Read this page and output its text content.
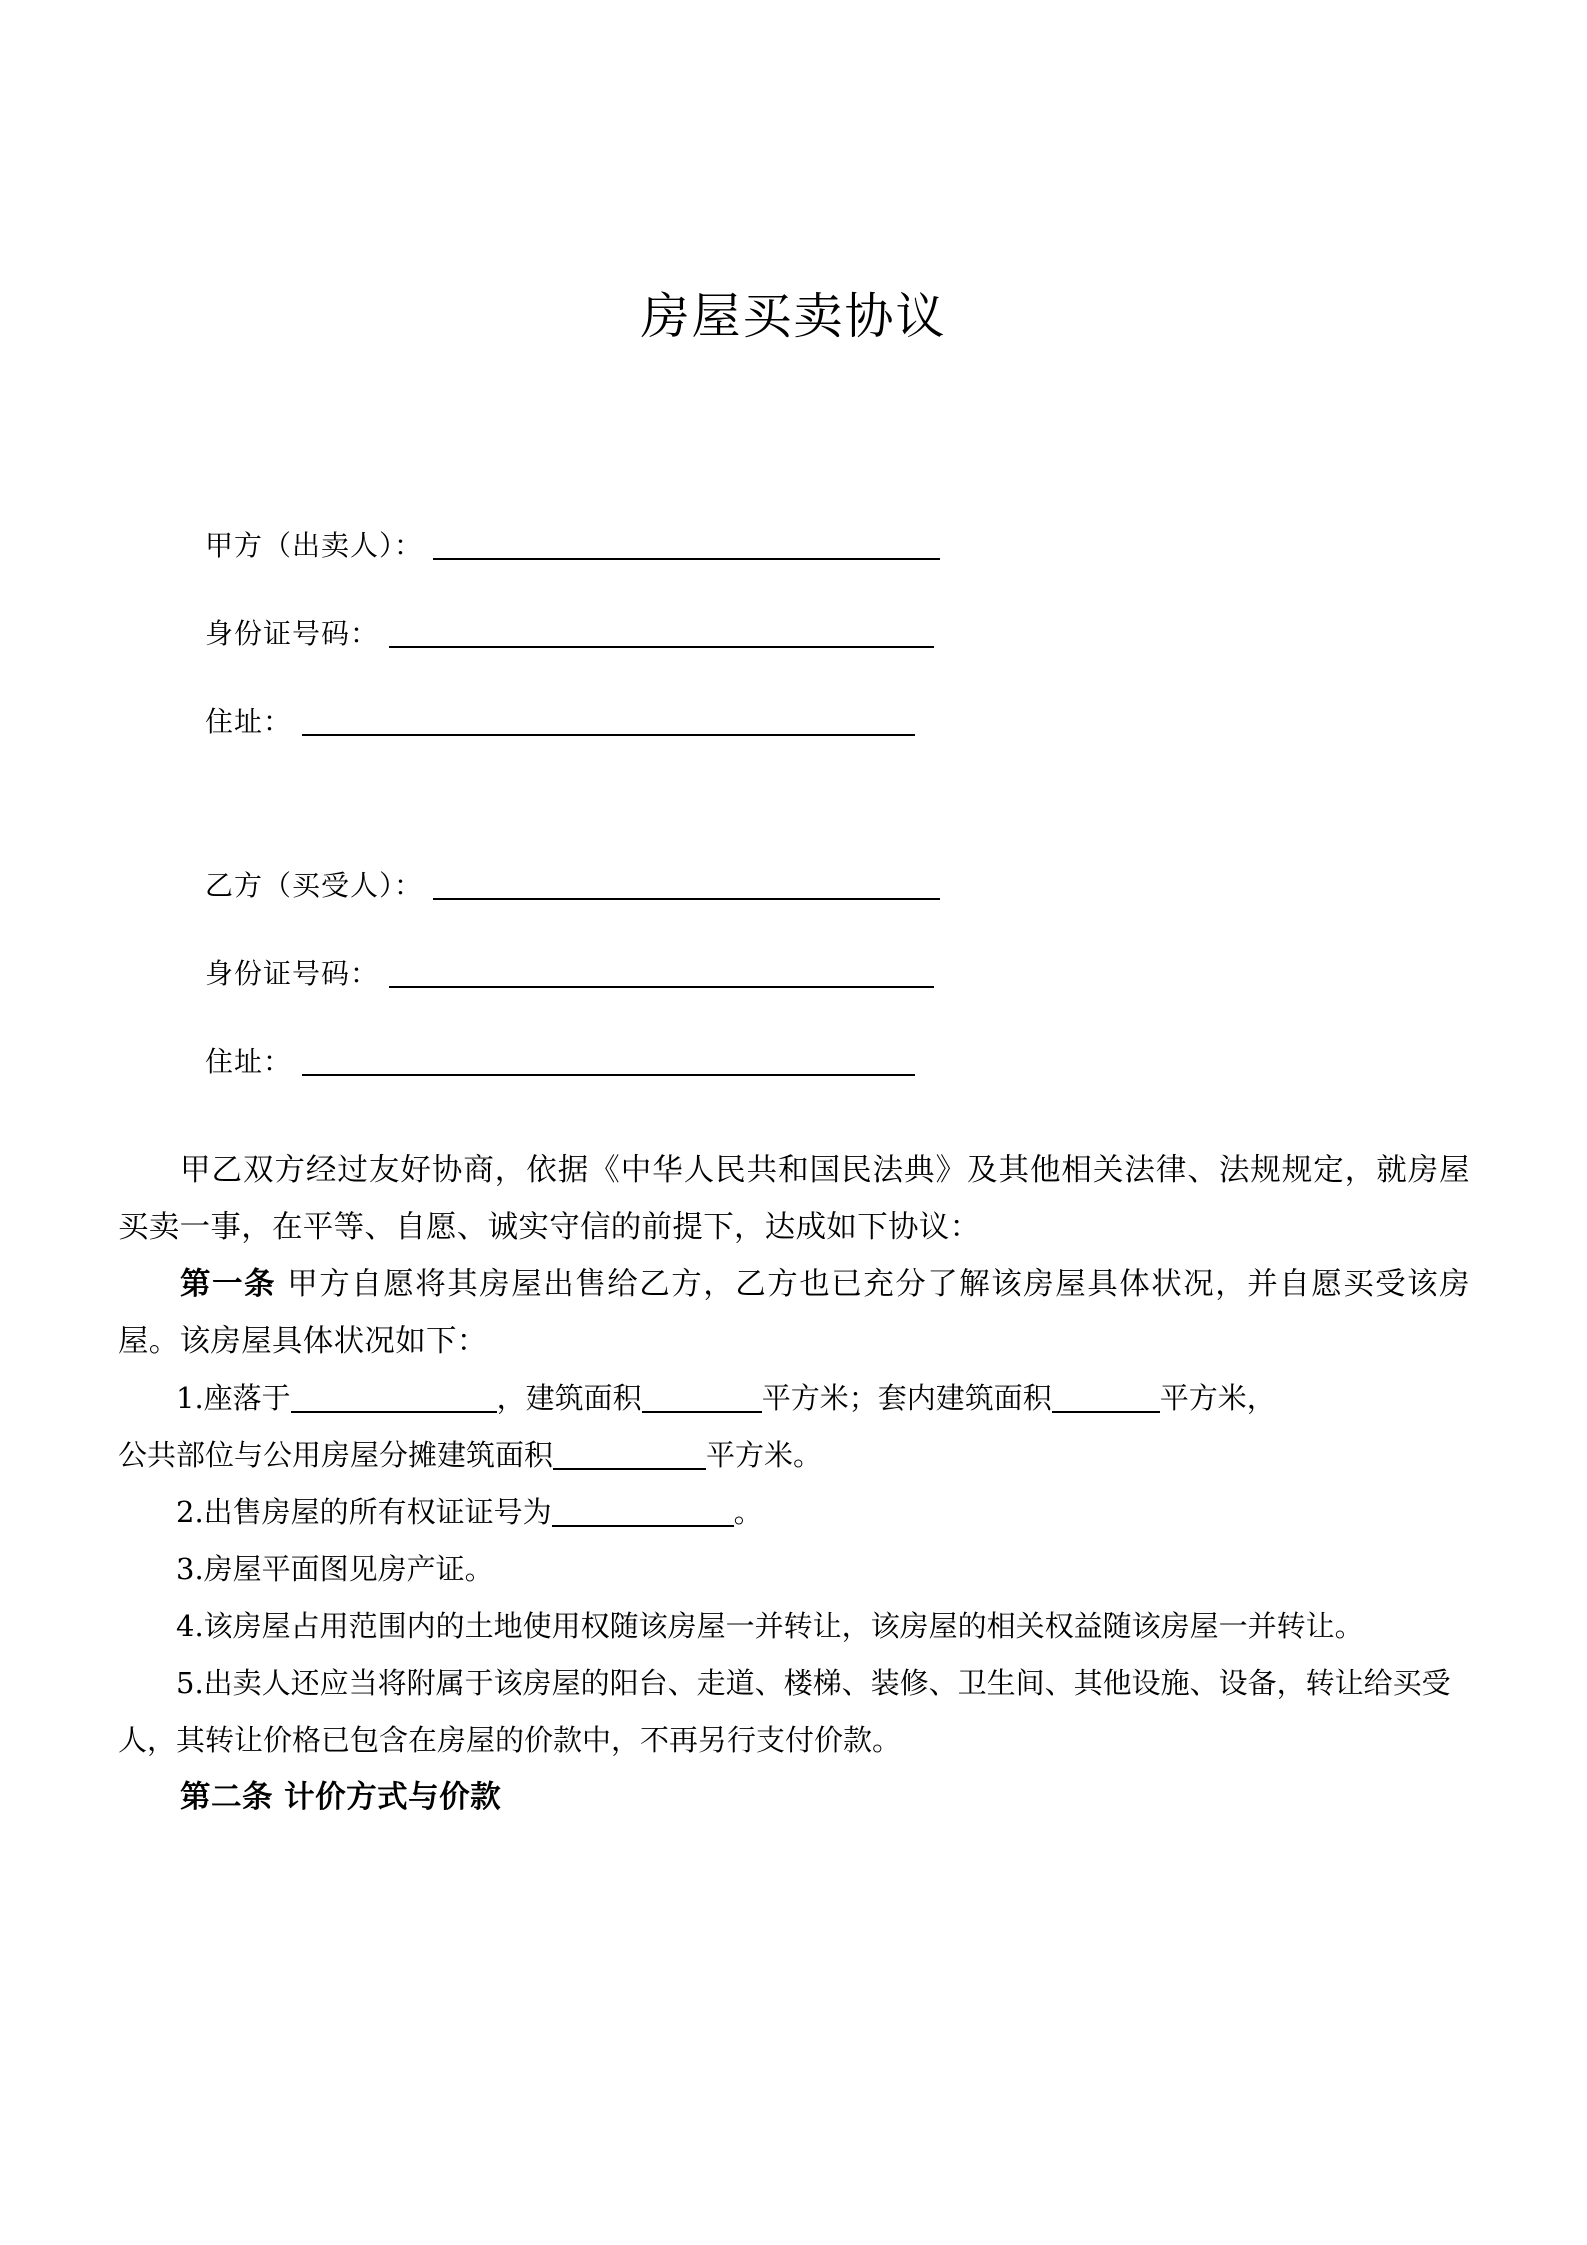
房屋买卖协议
甲方（出卖人）：
身份证号码：
住址：
乙方（买受人）：
身份证号码：
住址：

甲乙双方经过友好协商，依据《中华人民共和国民法典》及其他相关法律、法规规定，就房屋买卖一事，在平等、自愿、诚实守信的前提下，达成如下协议：

第一条 甲方自愿将其房屋出售给乙方，乙方也已充分了解该房屋具体状况，并自愿买受该房屋。该房屋具体状况如下：

1.座落于	，建筑面积	平方米；套内建筑面积	平方米，
公共部位与公用房屋分摊建筑面积	平方米。

2.出售房屋的所有权证证号为	。

3.房屋平面图见房产证。

4.该房屋占用范围内的土地使用权随该房屋一并转让，该房屋的相关权益随该房屋一并转让。

5.出卖人还应当将附属于该房屋的阳台、走道、楼梯、装修、卫生间、其他设施、设备，转让给买受人，其转让价格已包含在房屋的价款中，不再另行支付价款。

第二条 计价方式与价款
